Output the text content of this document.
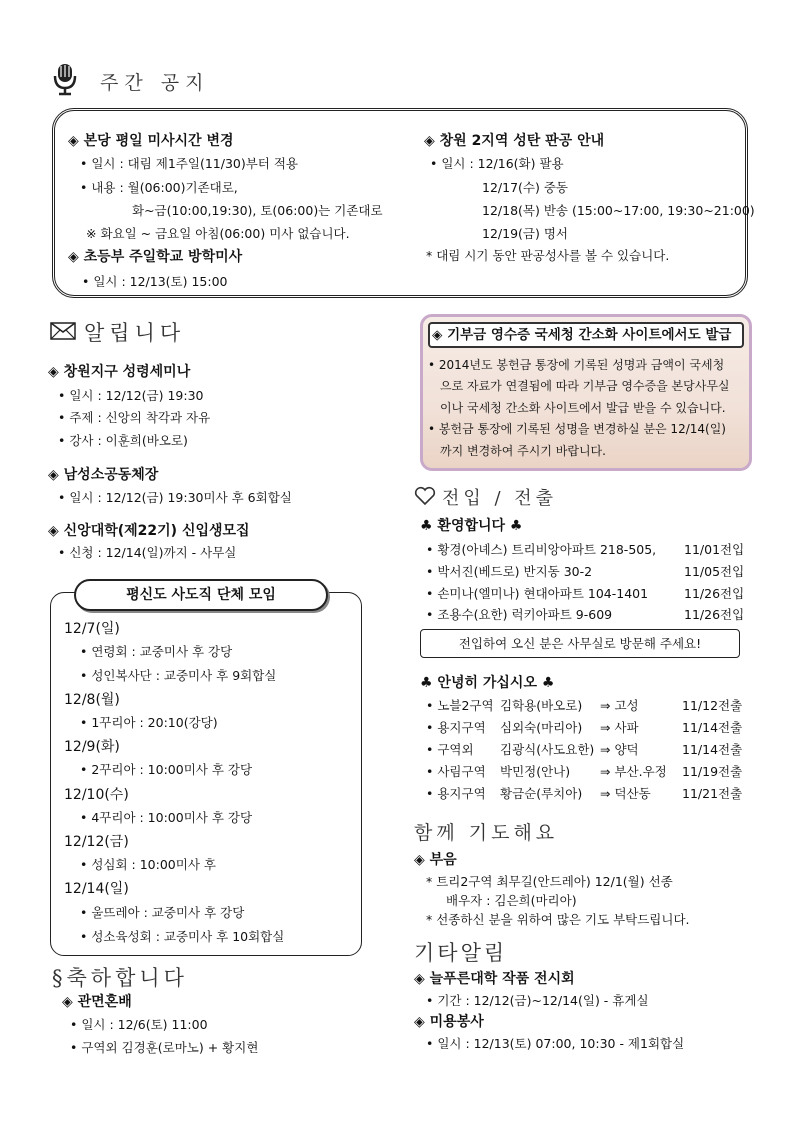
주간 공지
◈ 본당 평일 미사시간 변경
• 일시 : 대림 제1주일(11/30)부터 적용
• 내용 : 월(06:00)기존대로,
화~금(10:00,19:30), 토(06:00)는 기존대로
※ 화요일 ~ 금요일 아침(06:00) 미사 없습니다.
◈ 초등부 주일학교 방학미사
• 일시 : 12/13(토) 15:00
◈ 창원 2지역 성탄 판공 안내
• 일시 : 12/16(화) 팔용
12/17(수) 중동
12/18(목) 반송 (15:00~17:00, 19:30~21:00)
12/19(금) 명서
* 대림 시기 동안 판공성사를 볼 수 있습니다.
알립니다
◈ 창원지구 성령세미나
• 일시 : 12/12(금) 19:30
• 주제 : 신앙의 착각과 자유
• 강사 : 이훈희(바오로)
◈ 남성소공동체장
• 일시 : 12/12(금) 19:30미사 후 6회합실
◈ 신앙대학(제22기) 신입생모집
• 신청 : 12/14(일)까지 - 사무실
평신도 사도직 단체 모임
12/7(일)
• 연령회 : 교중미사 후 강당
• 성인복사단 : 교중미사 후 9회합실
12/8(월)
• 1꾸리아 : 20:10(강당)
12/9(화)
• 2꾸리아 : 10:00미사 후 강당
12/10(수)
• 4꾸리아 : 10:00미사 후 강당
12/12(금)
• 성심회 : 10:00미사 후
12/14(일)
• 울뜨레아 : 교중미사 후 강당
• 성소육성회 : 교중미사 후 10회합실
§축하합니다
◈ 관면혼배
• 일시 : 12/6(토) 11:00
• 구역외 김경훈(로마노) + 황지현
◈ 기부금 영수증 국세청 간소화 사이트에서도 발급
• 2014년도 봉헌금 통장에 기록된 성명과 금액이 국세청
으로 자료가 연결됨에 따라 기부금 영수증을 본당사무실
이나 국세청 간소화 사이트에서 발급 받을 수 있습니다.
• 봉헌금 통장에 기록된 성명을 변경하실 분은 12/14(일)
까지 변경하여 주시기 바랍니다.
전입 / 전출
♣ 환영합니다 ♣
• 황경(아녜스) 트리비앙아파트 218-505, 11/01전입
• 박서진(베드로) 반지동 30-2	11/05전입
• 손미나(엘미나) 현대아파트 104-1401	11/26전입
• 조용수(요한) 럭키아파트 9-609	11/26전입
전입하여 오신 분은 사무실로 방문해 주세요!
♣ 안녕히 가십시오 ♣
• 노블2구역 김학용(바오로) ⇒ 고성	11/12전출
• 용지구역 심외숙(마리아) ⇒ 사파	11/14전출
• 구역외 김광식(사도요한) ⇒ 양덕	11/14전출
• 사림구역 박민정(안나) ⇒ 부산.우정 11/19전출
• 용지구역 황금순(루치아) ⇒ 덕산동	11/21전출
함께 기도해요
◈ 부음
* 트리2구역 최무길(안드레아) 12/1(월) 선종
배우자 : 김은희(마리아)
* 선종하신 분을 위하여 많은 기도 부탁드립니다.
기타알림
◈ 늘푸른대학 작품 전시회
• 기간 : 12/12(금)~12/14(일) - 휴게실
◈ 미용봉사
• 일시 : 12/13(토) 07:00, 10:30 - 제1회합실
